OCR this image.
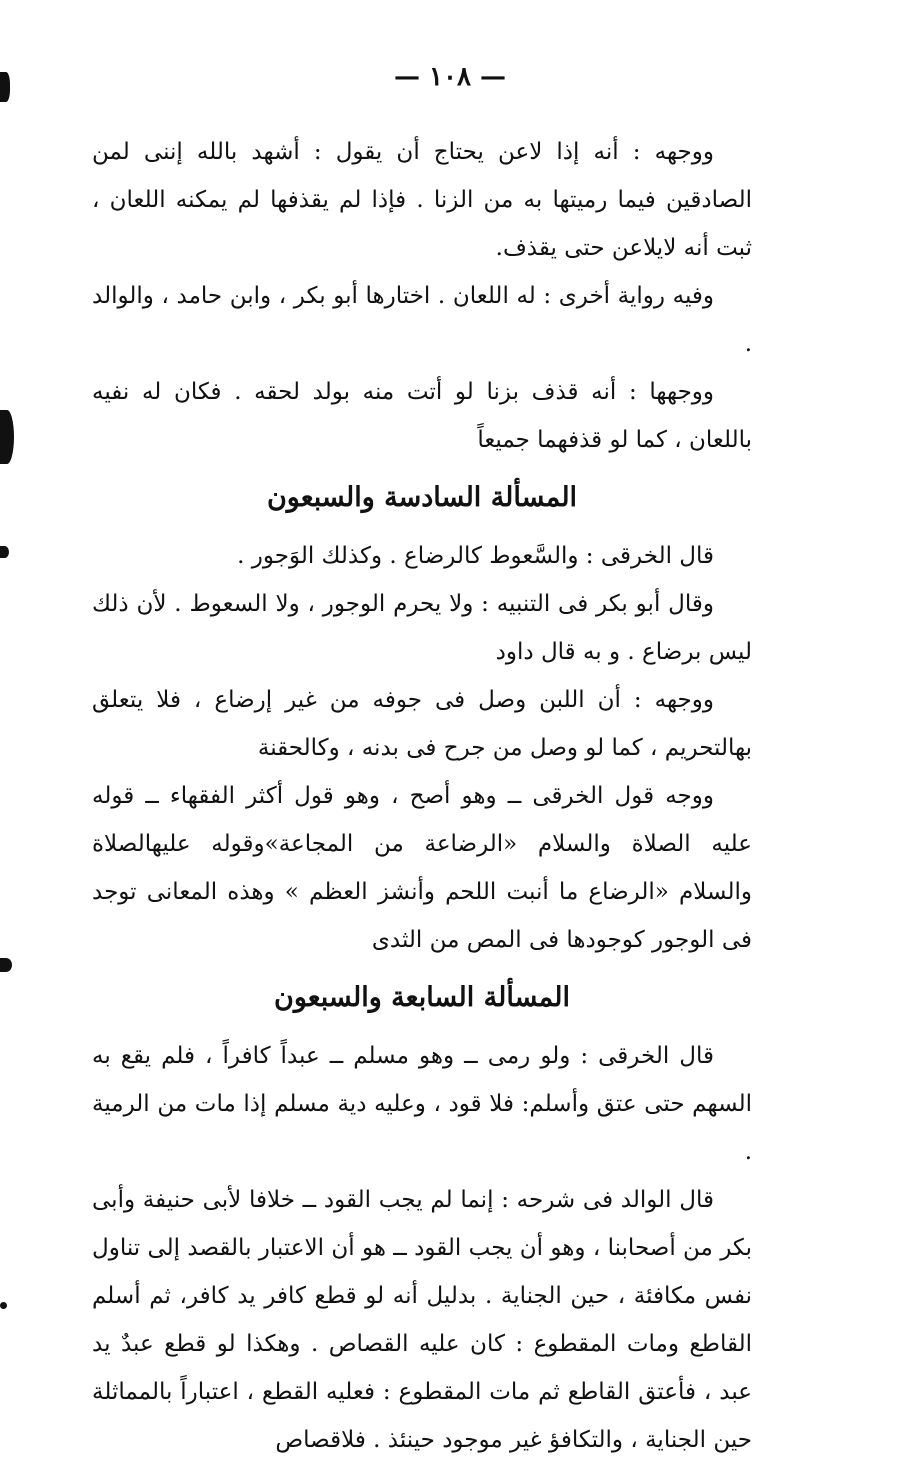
— ١٠٨ —

ووجهه : أنه إذا لاعن يحتاج أن يقول : أشهد بالله إننى لمن الصادقين فيما رميتها به من الزنا . فإذا لم يقذفها لم يمكنه اللعان ، ثبت أنه لايلاعن حتى يقذف.

وفيه رواية أخرى : له اللعان . اختارها أبو بكر ، وابن حامد ، والوالد .

ووجهها : أنه قذف بزنا لو أتت منه بولد لحقه . فكان له نفيه باللعان ، كما لو قذفهما جميعاً

المسألة السادسة والسبعون

قال الخرقى : والسَّعوط كالرضاع . وكذلك الوَجور .

وقال أبو بكر فى التنبيه : ولا يحرم الوجور ، ولا السعوط . لأن ذلك ليس برضاع . و به قال داود

ووجهه : أن اللبن وصل فى جوفه من غير إرضاع ، فلا يتعلق بهالتحريم ، كما لو وصل من جرح فى بدنه ، وكالحقنة

ووجه قول الخرقى ــ وهو أصح ، وهو قول أكثر الفقهاء ــ قوله عليه الصلاة والسلام «الرضاعة من المجاعة»وقوله عليهالصلاة والسلام «الرضاع ما أنبت اللحم وأنشز العظم » وهذه المعانى توجد فى الوجور كوجودها فى المص من الثدى

المسألة السابعة والسبعون

قال الخرقى : ولو رمى ــ وهو مسلم ــ عبداً كافراً ، فلم يقع به السهم حتى عتق وأسلم: فلا قود ، وعليه دية مسلم إذا مات من الرمية .

قال الوالد فى شرحه : إنما لم يجب القود ــ خلافا لأبى حنيفة وأبى بكر من أصحابنا ، وهو أن يجب القود ــ هو أن الاعتبار بالقصد إلى تناول نفس مكافئة ، حين الجناية . بدليل أنه لو قطع كافر يد كافر، ثم أسلم القاطع ومات المقطوع : كان عليه القصاص . وهكذا لو قطع عبدٌ يد عبد ، فأعتق القاطع ثم مات المقطوع : فعليه القطع ، اعتباراً بالمماثلة حين الجناية ، والتكافؤ غير موجود حينئذ . فلاقصاص
